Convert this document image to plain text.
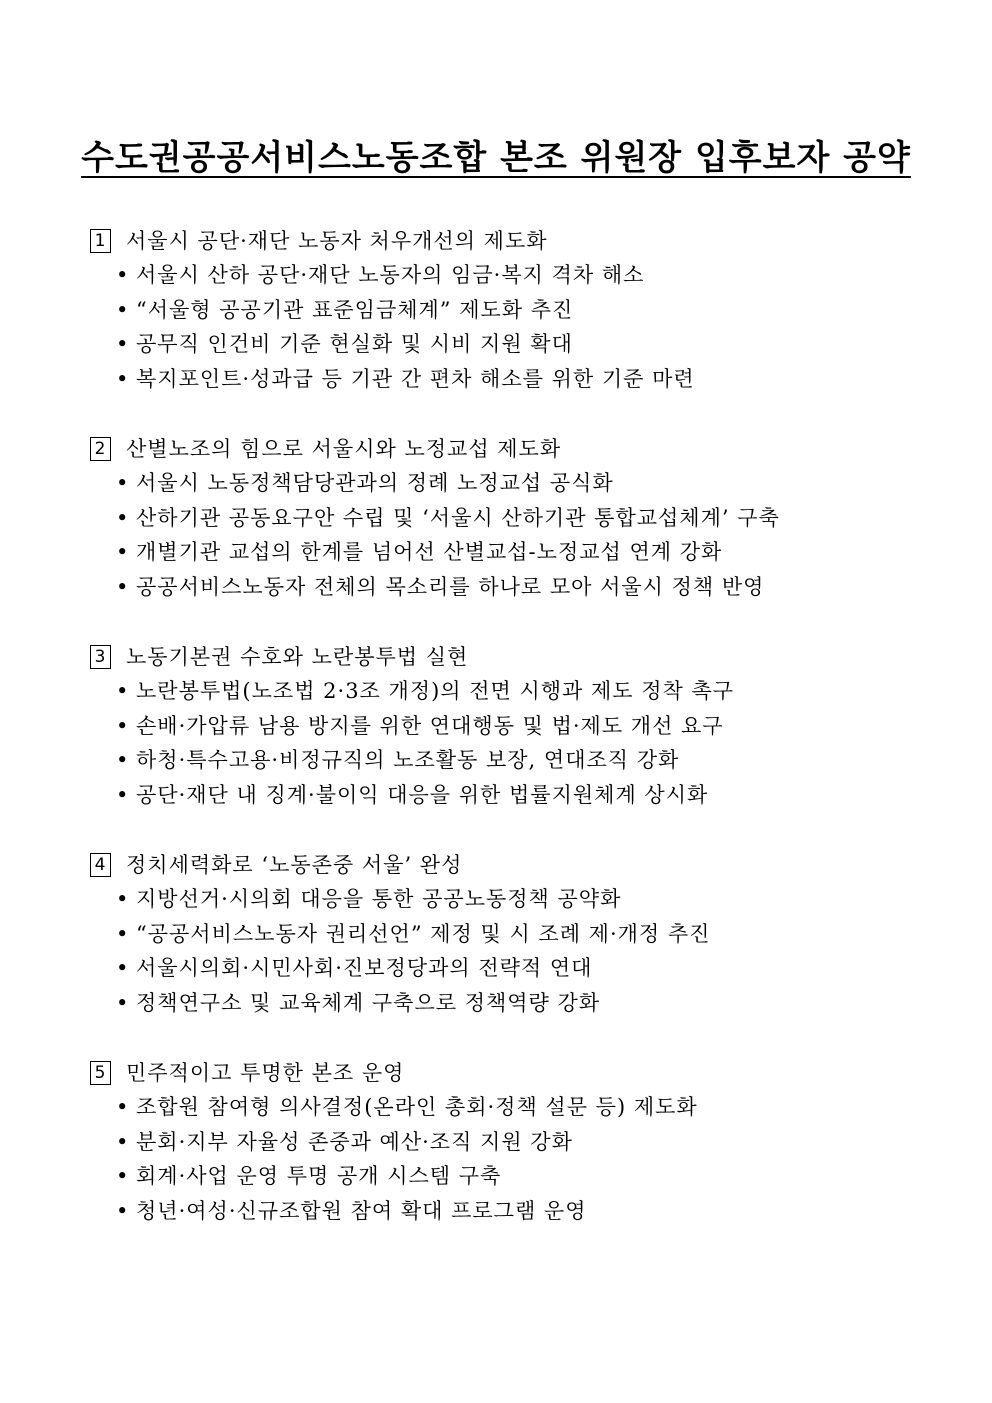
수도권공공서비스노동조합 본조 위원장 입후보자 공약
1 서울시 공단·재단 노동자 처우개선의 제도화
• 서울시 산하 공단·재단 노동자의 임금·복지 격차 해소
• “서울형 공공기관 표준임금체계” 제도화 추진
• 공무직 인건비 기준 현실화 및 시비 지원 확대
• 복지포인트·성과급 등 기관 간 편차 해소를 위한 기준 마련
2 산별노조의 힘으로 서울시와 노정교섭 제도화
• 서울시 노동정책담당관과의 정례 노정교섭 공식화
• 산하기관 공동요구안 수립 및 ‘서울시 산하기관 통합교섭체계’ 구축
• 개별기관 교섭의 한계를 넘어선 산별교섭-노정교섭 연계 강화
• 공공서비스노동자 전체의 목소리를 하나로 모아 서울시 정책 반영
3 노동기본권 수호와 노란봉투법 실현
• 노란봉투법(노조법 2·3조 개정)의 전면 시행과 제도 정착 촉구
• 손배·가압류 남용 방지를 위한 연대행동 및 법·제도 개선 요구
• 하청·특수고용·비정규직의 노조활동 보장, 연대조직 강화
• 공단·재단 내 징계·불이익 대응을 위한 법률지원체계 상시화
4 정치세력화로 ‘노동존중 서울’ 완성
• 지방선거·시의회 대응을 통한 공공노동정책 공약화
• “공공서비스노동자 권리선언” 제정 및 시 조례 제·개정 추진
• 서울시의회·시민사회·진보정당과의 전략적 연대
• 정책연구소 및 교육체계 구축으로 정책역량 강화
5 민주적이고 투명한 본조 운영
• 조합원 참여형 의사결정(온라인 총회·정책 설문 등) 제도화
• 분회·지부 자율성 존중과 예산·조직 지원 강화
• 회계·사업 운영 투명 공개 시스템 구축
• 청년·여성·신규조합원 참여 확대 프로그램 운영
